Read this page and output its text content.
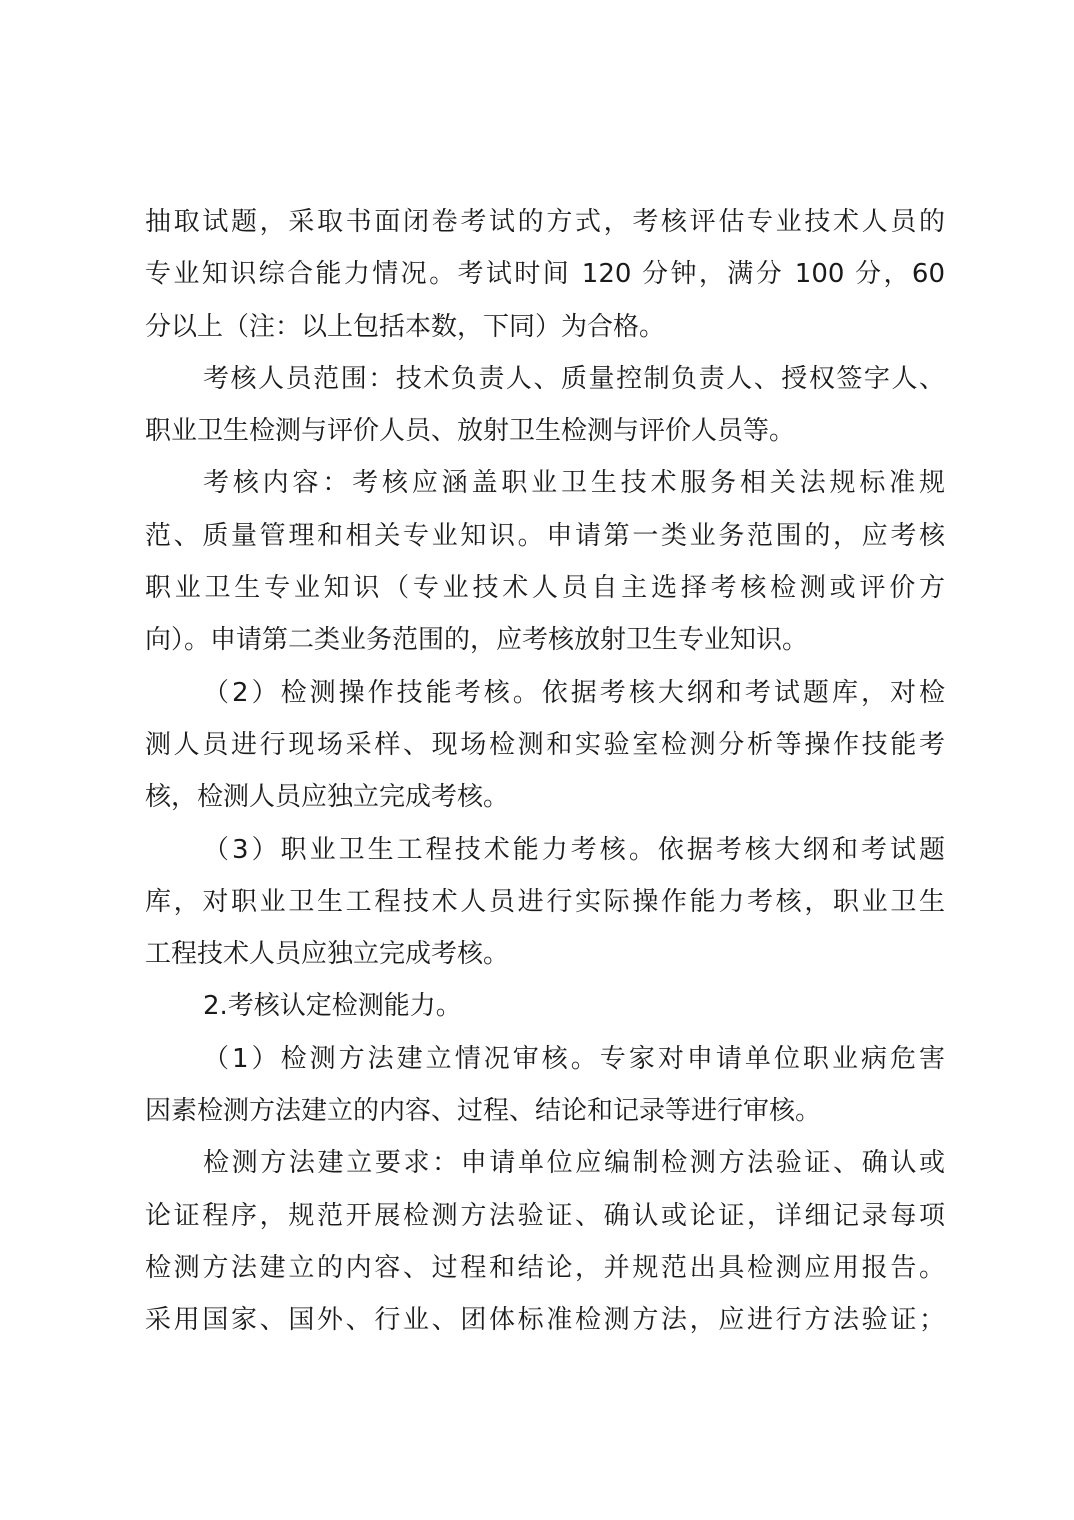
抽取试题，采取书面闭卷考试的方式，考核评估专业技术人员的
专业知识综合能力情况。考试时间 120 分钟，满分 100 分，60
分以上（注：以上包括本数，下同）为合格。
考核人员范围：技术负责人、质量控制负责人、授权签字人、
职业卫生检测与评价人员、放射卫生检测与评价人员等。
考核内容：考核应涵盖职业卫生技术服务相关法规标准规
范、质量管理和相关专业知识。申请第一类业务范围的，应考核
职业卫生专业知识（专业技术人员自主选择考核检测或评价方
向）。申请第二类业务范围的，应考核放射卫生专业知识。
（2）检测操作技能考核。依据考核大纲和考试题库，对检
测人员进行现场采样、现场检测和实验室检测分析等操作技能考
核，检测人员应独立完成考核。
（3）职业卫生工程技术能力考核。依据考核大纲和考试题
库，对职业卫生工程技术人员进行实际操作能力考核，职业卫生
工程技术人员应独立完成考核。
2.考核认定检测能力。
（1）检测方法建立情况审核。专家对申请单位职业病危害
因素检测方法建立的内容、过程、结论和记录等进行审核。
检测方法建立要求：申请单位应编制检测方法验证、确认或
论证程序，规范开展检测方法验证、确认或论证，详细记录每项
检测方法建立的内容、过程和结论，并规范出具检测应用报告。
采用国家、国外、行业、团体标准检测方法，应进行方法验证；
